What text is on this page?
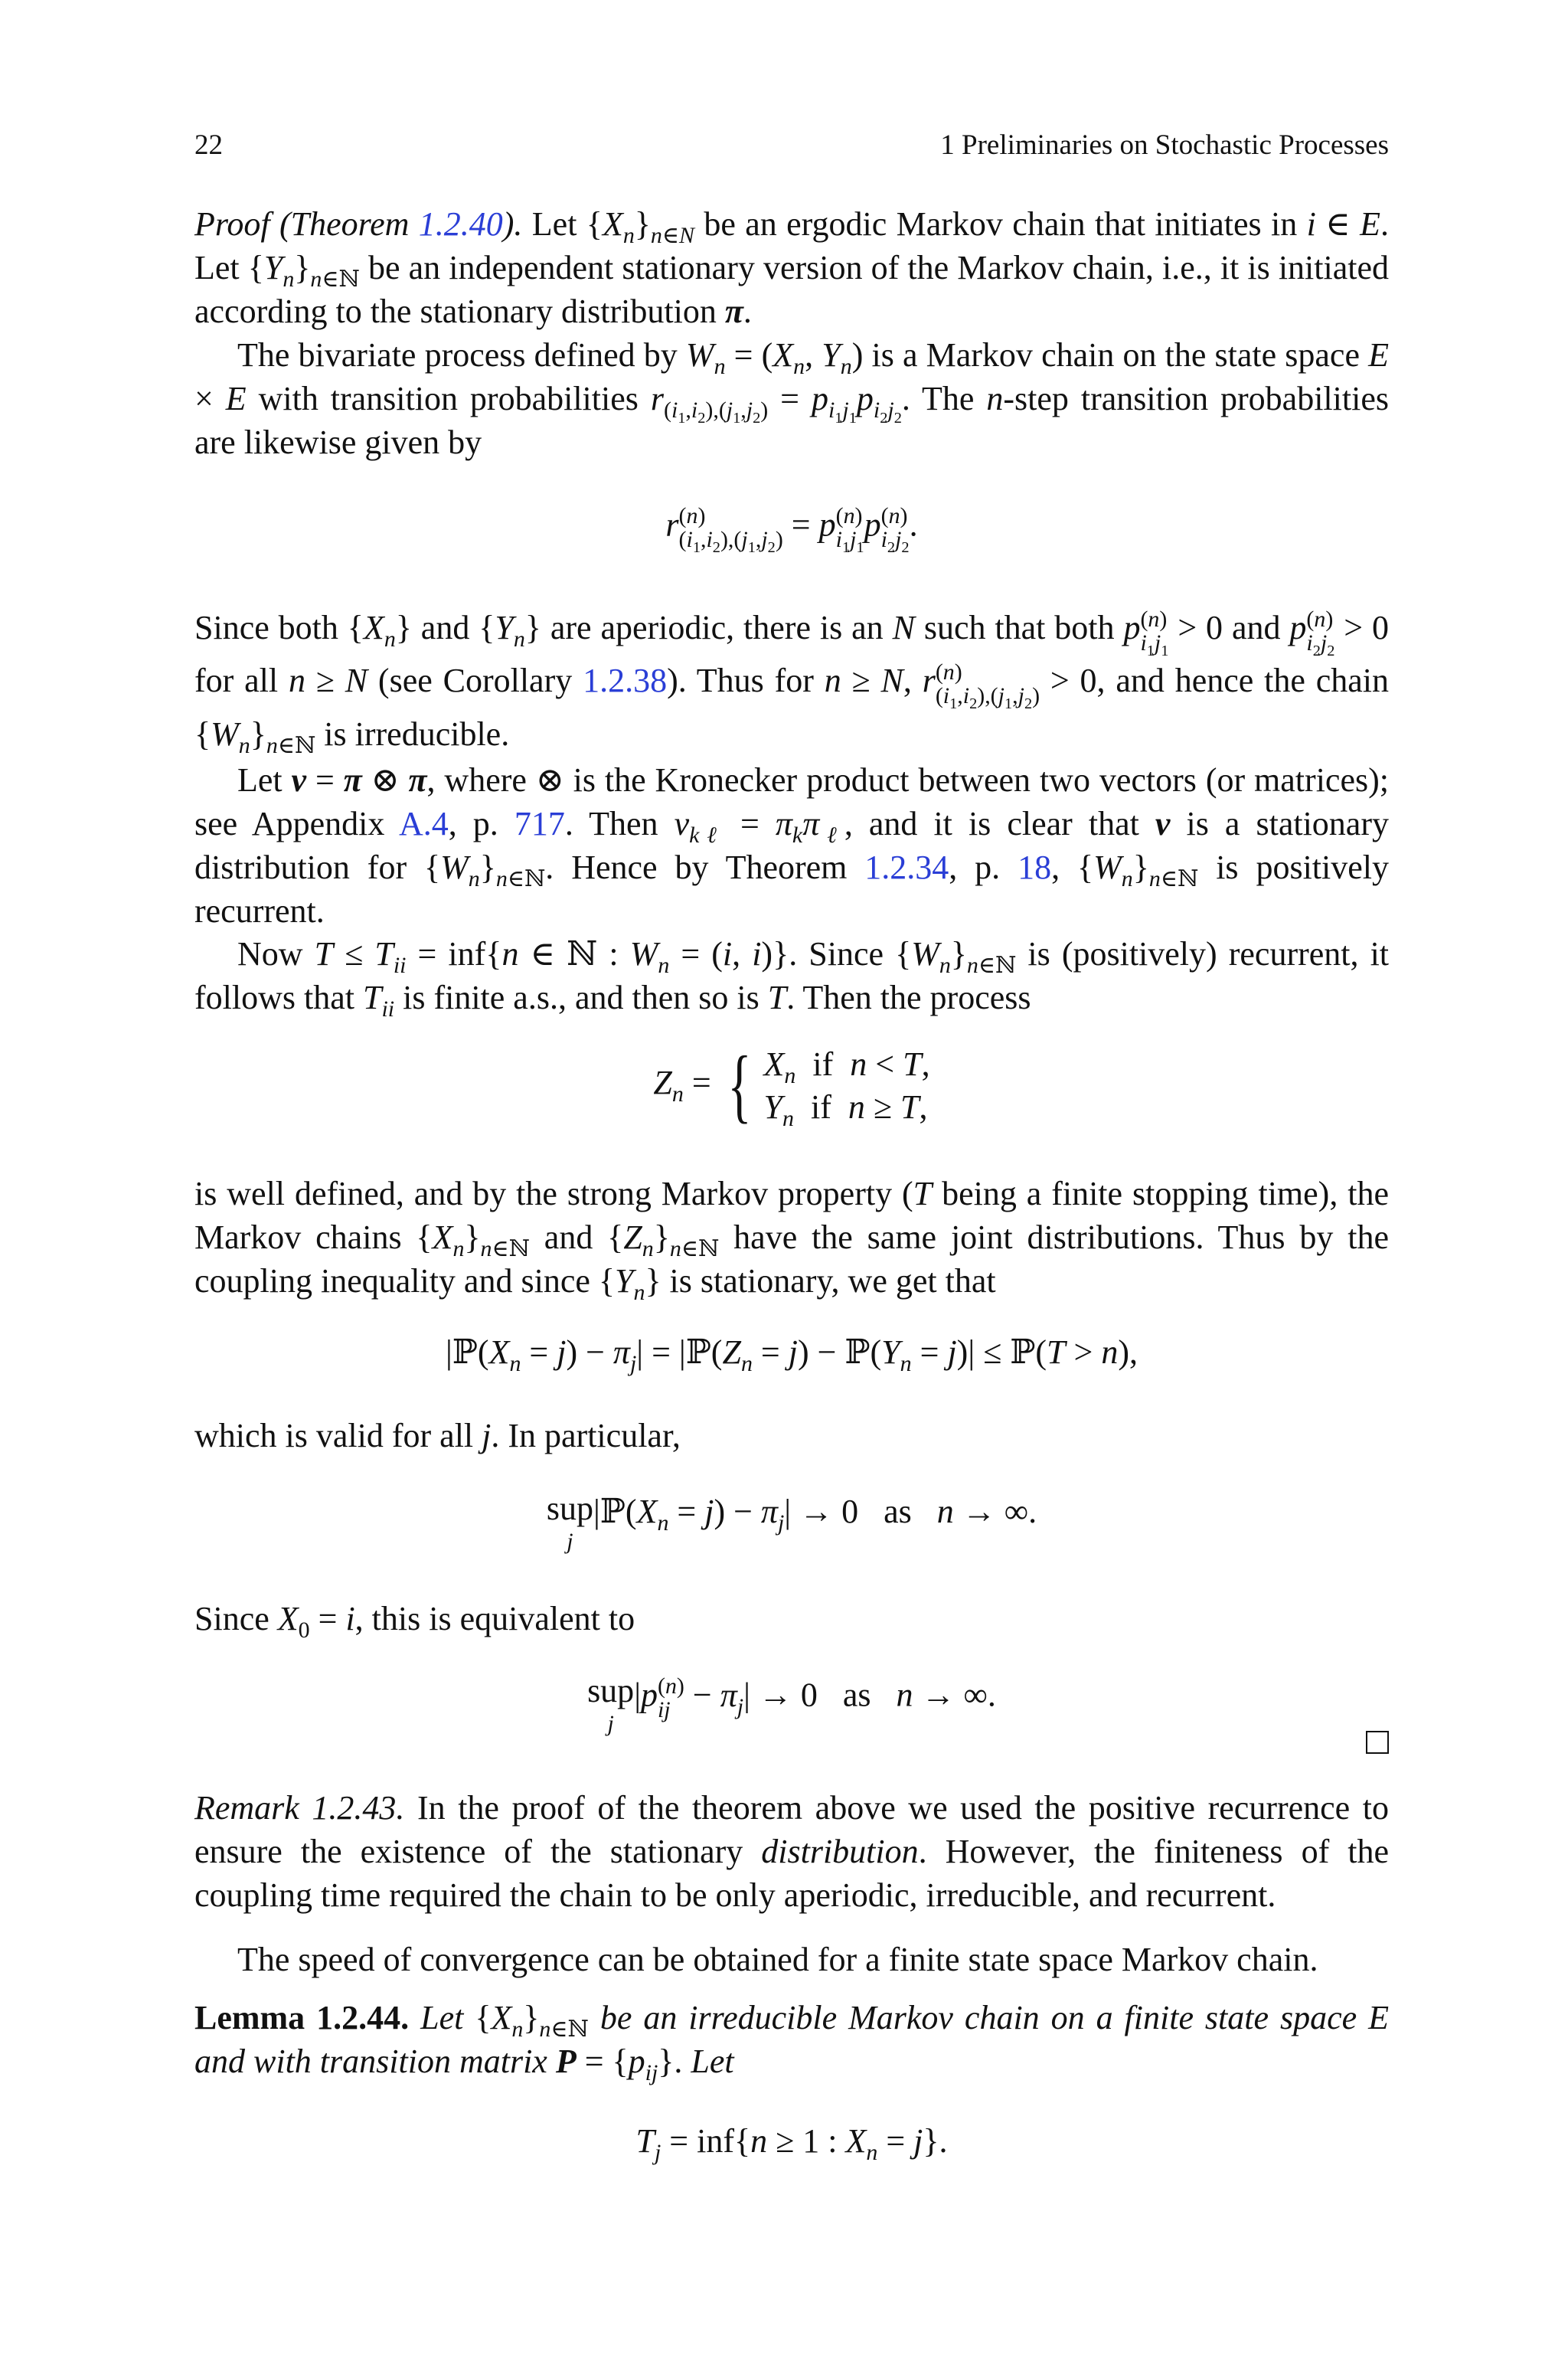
22	1 Preliminaries on Stochastic Processes
Proof (Theorem 1.2.40). Let $\{X_n\}_{n\in N}$ be an ergodic Markov chain that initiates in i ∈ E. Let $\{Y_n\}_{n\in ℕ}$ be an independent stationary version of the Markov chain, i.e., it is initiated according to the stationary distribution π.
The bivariate process defined by $W_n = (X_n$, $Y_n$) is a Markov chain on the state space E × E with transition probabilities $r_{(i_1,i_2),(j_1,j_2)} = p_{i_1j_1}p_{i_2j_2}$. The n-step transition probabilities are likewise given by
r (n)
$(i_1,i_2),(j_1,j_2) = p$ (n)
$i_1j_1$
p (n)
$i_2j_2$
.
Since both $\{X_n\}$ and $\{Y_n\}$ are aperiodic, there is an N such that both p (n)
$i_1j_1$
> 0 and p (n)
$i_2j_2$
> 0 for all n ≥ N (see Corollary 1.2.38). Thus for n ≥ N, r (n)
$(i_1,i_2),(j_1,j_2) > 0$, and hence the chain $\{W_n\}_{n\in ℕ}$ is irreducible.
Let ν = π ⊗ π, where ⊗ is the Kronecker product between two vectors (or matrices); see Appendix A.4, p. 717. Then $\nu_{k\ell} = \pi_k\pi_\ell$, and it is clear that ν is a stationary distribution for $\{W_n\}_{n\in ℕ}$. Hence by Theorem 1.2.34, p. 18, $\{W_n\}_{n\in ℕ}$ is positively recurrent.
Now $T \le T_{ii} = inf\{n$ ∈ ℕ : $W_n = (i$, i)}. Since $\{W_n\}_{n\in ℕ}$ is (positively) recurrent, it follows that $T_{ii}$ is finite a.s., and then so is T. Then the process
$Z_n$ = { $X_n$  if  n < T,
$Y_n$  if  n ≥ T,
is well defined, and by the strong Markov property (T being a finite stopping time), the Markov chains $\{X_n\}_{n\in ℕ}$ and $\{Z_n\}_{n\in ℕ}$ have the same joint distributions. Thus by the coupling inequality and since $\{Y_n\}$ is stationary, we get that
$|ℙ(X_n = j) - \pi_j|$ = $|ℙ(Z_n = j)$ − $ℙ(Y_n = j)|$ ≤ ℙ(T > n),
which is valid for all j. In particular,
sup
j
$|ℙ(X_n = j) - \pi_j| \to 0$   as   n → ∞.
Since $X_0 = i$, this is equivalent to
sup
j
|p (n)
ij − $\pi_j| \to 0$   as   n → ∞.
Remark 1.2.43. In the proof of the theorem above we used the positive recurrence to ensure the existence of the stationary distribution. However, the finiteness of the coupling time required the chain to be only aperiodic, irreducible, and recurrent.
The speed of convergence can be obtained for a finite state space Markov chain.
Lemma 1.2.44. Let $\{X_n\}_{n\in ℕ}$ be an irreducible Markov chain on a finite state space E and with transition matrix $P = \{p_{ij}\}$. Let
$T_j = inf\{n \ge 1$ : $X_n = j$}.
